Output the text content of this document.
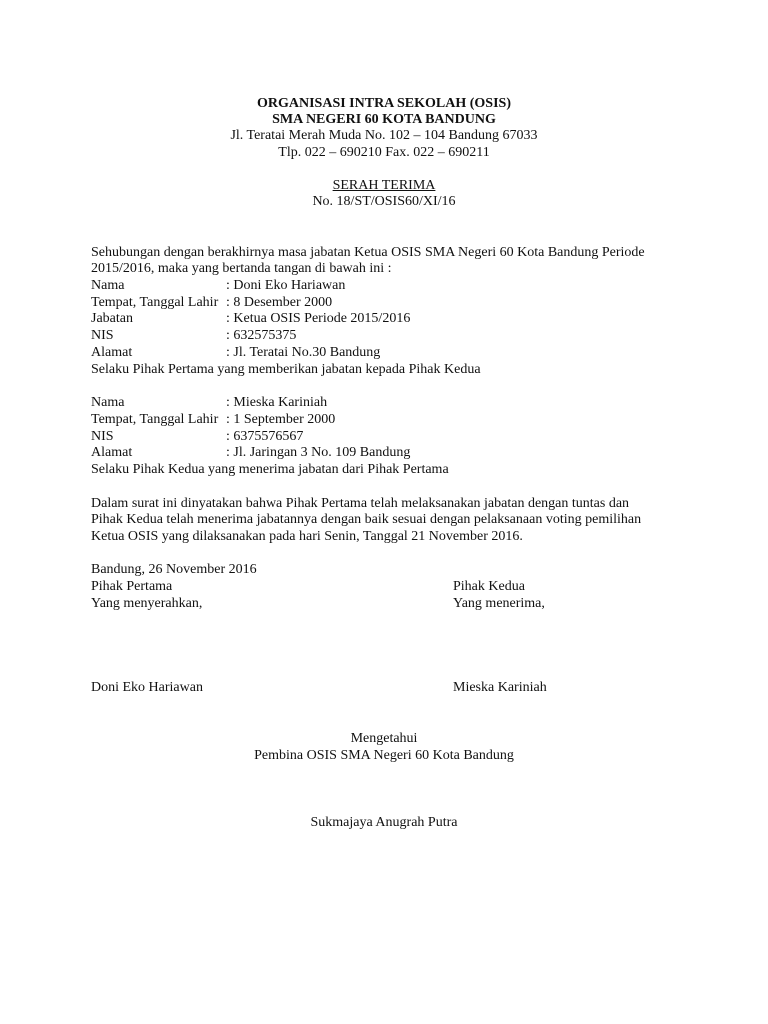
ORGANISASI INTRA SEKOLAH (OSIS)
SMA NEGERI 60 KOTA BANDUNG
Jl. Teratai Merah Muda No. 102 – 104 Bandung 67033
Tlp. 022 – 690210 Fax. 022 – 690211
SERAH TERIMA
No. 18/ST/OSIS60/XI/16
Sehubungan dengan berakhirnya masa jabatan Ketua OSIS SMA Negeri 60 Kota Bandung Periode
2015/2016, maka yang bertanda tangan di bawah ini :
Nama	: Doni Eko Hariawan
Tempat, Tanggal Lahir : 8 Desember 2000
Jabatan	: Ketua OSIS Periode 2015/2016
NIS	: 632575375
Alamat	: Jl. Teratai No.30 Bandung
Selaku Pihak Pertama yang memberikan jabatan kepada Pihak Kedua
Nama	: Mieska Kariniah
Tempat, Tanggal Lahir : 1 September 2000
NIS	: 6375576567
Alamat	: Jl. Jaringan 3 No. 109 Bandung
Selaku Pihak Kedua yang menerima jabatan dari Pihak Pertama
Dalam surat ini dinyatakan bahwa Pihak Pertama telah melaksanakan jabatan dengan tuntas dan
Pihak Kedua telah menerima jabatannya dengan baik sesuai dengan pelaksanaan voting pemilihan
Ketua OSIS yang dilaksanakan pada hari Senin, Tanggal 21 November 2016.
Bandung, 26 November 2016
Pihak Pertama	Pihak Kedua
Yang menyerahkan,	Yang menerima,
Doni Eko Hariawan	Mieska Kariniah
Mengetahui
Pembina OSIS SMA Negeri 60 Kota Bandung
Sukmajaya Anugrah Putra
